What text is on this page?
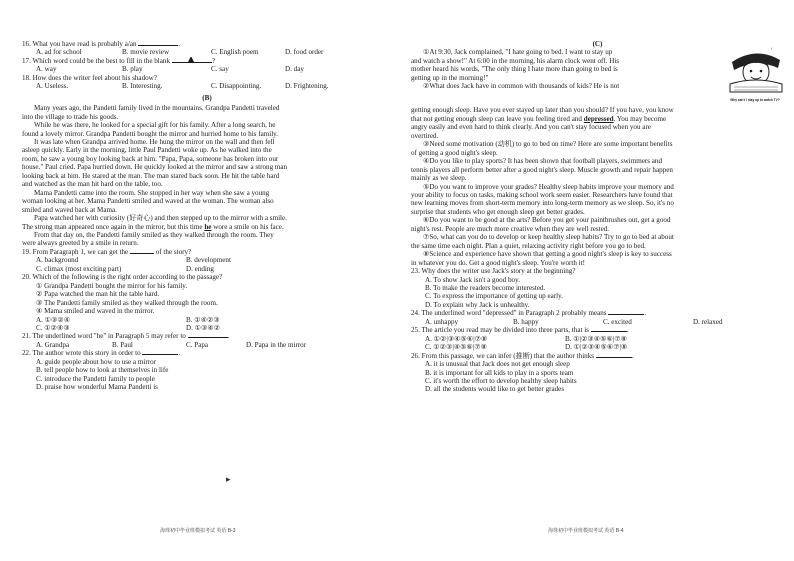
16. What you have read is probably a/an	.
A. ad for school	B. movie review	C. English poem	D. food order
17. Which word could be the best to fill in the blank	?
A. way	B. play	C. say	D. day
18. How does the writer feel about his shadow?
A. Useless.	B. Interesting.	C. Disappointing.	D. Frightening.
(B)
Many years ago, the Pandetti family lived in the mountains. Grandpa Pandetti traveled
into the village to trade his goods.
While he was there, he looked for a special gift for his family. After a long search, he
found a lovely mirror. Grandpa Pandetti bought the mirror and hurried home to his family.
It was late when Grandpa arrived home. He hung the mirror on the wall and then fell
asleep quickly. Early in the morning, little Paul Pandetti woke up. As he walked into the
room, he saw a young boy looking back at him. "Papa, Papa, someone has broken into our
house." Paul cried. Papa hurried down. He quickly looked at the mirror and saw a strong man
looking back at him. He stared at the man. The man stared back soon. He hit the table hard
and watched as the man hit hard on the table, too.
Mama Pandetti came into the room. She stopped in her way when she saw a young
woman looking at her. Mama Pandetti smiled and waved at the woman. The woman also
smiled and waved back at Mama.
Papa watched her with curiosity (好奇心) and then stepped up to the mirror with a smile.
The strong man appeared once again in the mirror, but this time he wore a smile on his face.
From that day on, the Pandetti family smiled as they walked through the room. They
were always greeted by a smile in return.
19. From Paragraph 1, we can get the	of the story?
A. background	B. development
C. climax (most exciting part)	D. ending
20. Which of the following is the right order according to the passage?
① Grandpa Pandetti bought the mirror for his family.
② Papa watched the man hit the table hard.
③ The Pandetti family smiled as they walked through the room.
④ Mama smiled and waved in the mirror.
A. ①③②④	B. ①④②③
C. ①②④③	D. ①③④②
21. The underlined word "he" in Paragraph 5 may refer to	.
A. Grandpa	B. Paul	C. Papa	D. Papa in the mirror
22. The author wrote this story in order to	.
A. guide people about how to use a mirror
B. tell people how to look at themselves in life
C. introduce the Pandetti family to people
D. praise how wonderful Mama Pandetti is
(C)
①At 9:30, Jack complained, "I hate going to bed. I want to stay up
and watch a show!" At 6:00 in the morning, his alarm clock went off. His
mother heard his words, "The only thing I hate more than going to bed is
getting up in the morning!"
②What does Jack have in common with thousands of kids? He is not
Why can't I stay up to watch TV?
getting enough sleep. Have you ever stayed up later than you should? If you have, you know
that not getting enough sleep can leave you feeling tired and depressed. You may become
angry easily and even hard to think clearly. And you can't stay focused when you are
overtired.
③Need some motivation (动机) to go to bed on time? Here are some important benefits
of getting a good night's sleep.
④Do you like to play sports? It has been shown that football players, swimmers and
tennis players all perform better after a good night's sleep. Muscle growth and repair happen
mainly as we sleep.
⑤Do you want to improve your grades? Healthy sleep habits improve your memory and
your ability to focus on tasks, making school work seem easier. Researchers have found that
new learning moves from short-term memory into long-term memory as we sleep. So, it's no
surprise that students who get enough sleep get better grades.
⑥Do you want to be good at the arts? Before you get your paintbrushes out, get a good
night's rest. People are much more creative when they are well rested.
⑦So, what can you do to develop or keep healthy sleep habits? Try to go to bed at about
the same time each night. Plan a quiet, relaxing activity right before you go to bed.
⑧Science and experience have shown that getting a good night's sleep is key to success
in whatever you do. Get a good night's sleep. You're worth it!
23. Why does the writer use Jack's story at the beginning?
A. To show Jack isn't a good boy.
B. To make the readers become interested.
C. To express the importance of getting up early.
D. To explain why Jack is unhealthy.
24. The underlined word "depressed" in Paragraph 2 probably means	.
A. unhappy	B. happy	C. excited	D. relaxed
25. The article you read may be divided into three parts, that is	.
A. ①②|③④⑤⑥|⑦⑧	B. ①|②③④⑤⑥|⑦⑧
C. ①②③|④⑤⑥|⑦⑧	D. ①|②③④⑤⑥⑦|⑧
26. From this passage, we can infer (推断) that the author thinks	.
A. it is unusual that Jack does not get enough sleep
B. it is important for all kids to play in a sports team
C. it's worth the effort to develop healthy sleep habits
D. all the students would like to get better grades
海珠初中毕业班模拟考试 英语 B-3	海珠初中毕业班模拟考试 英语 B-4
▸
˒
